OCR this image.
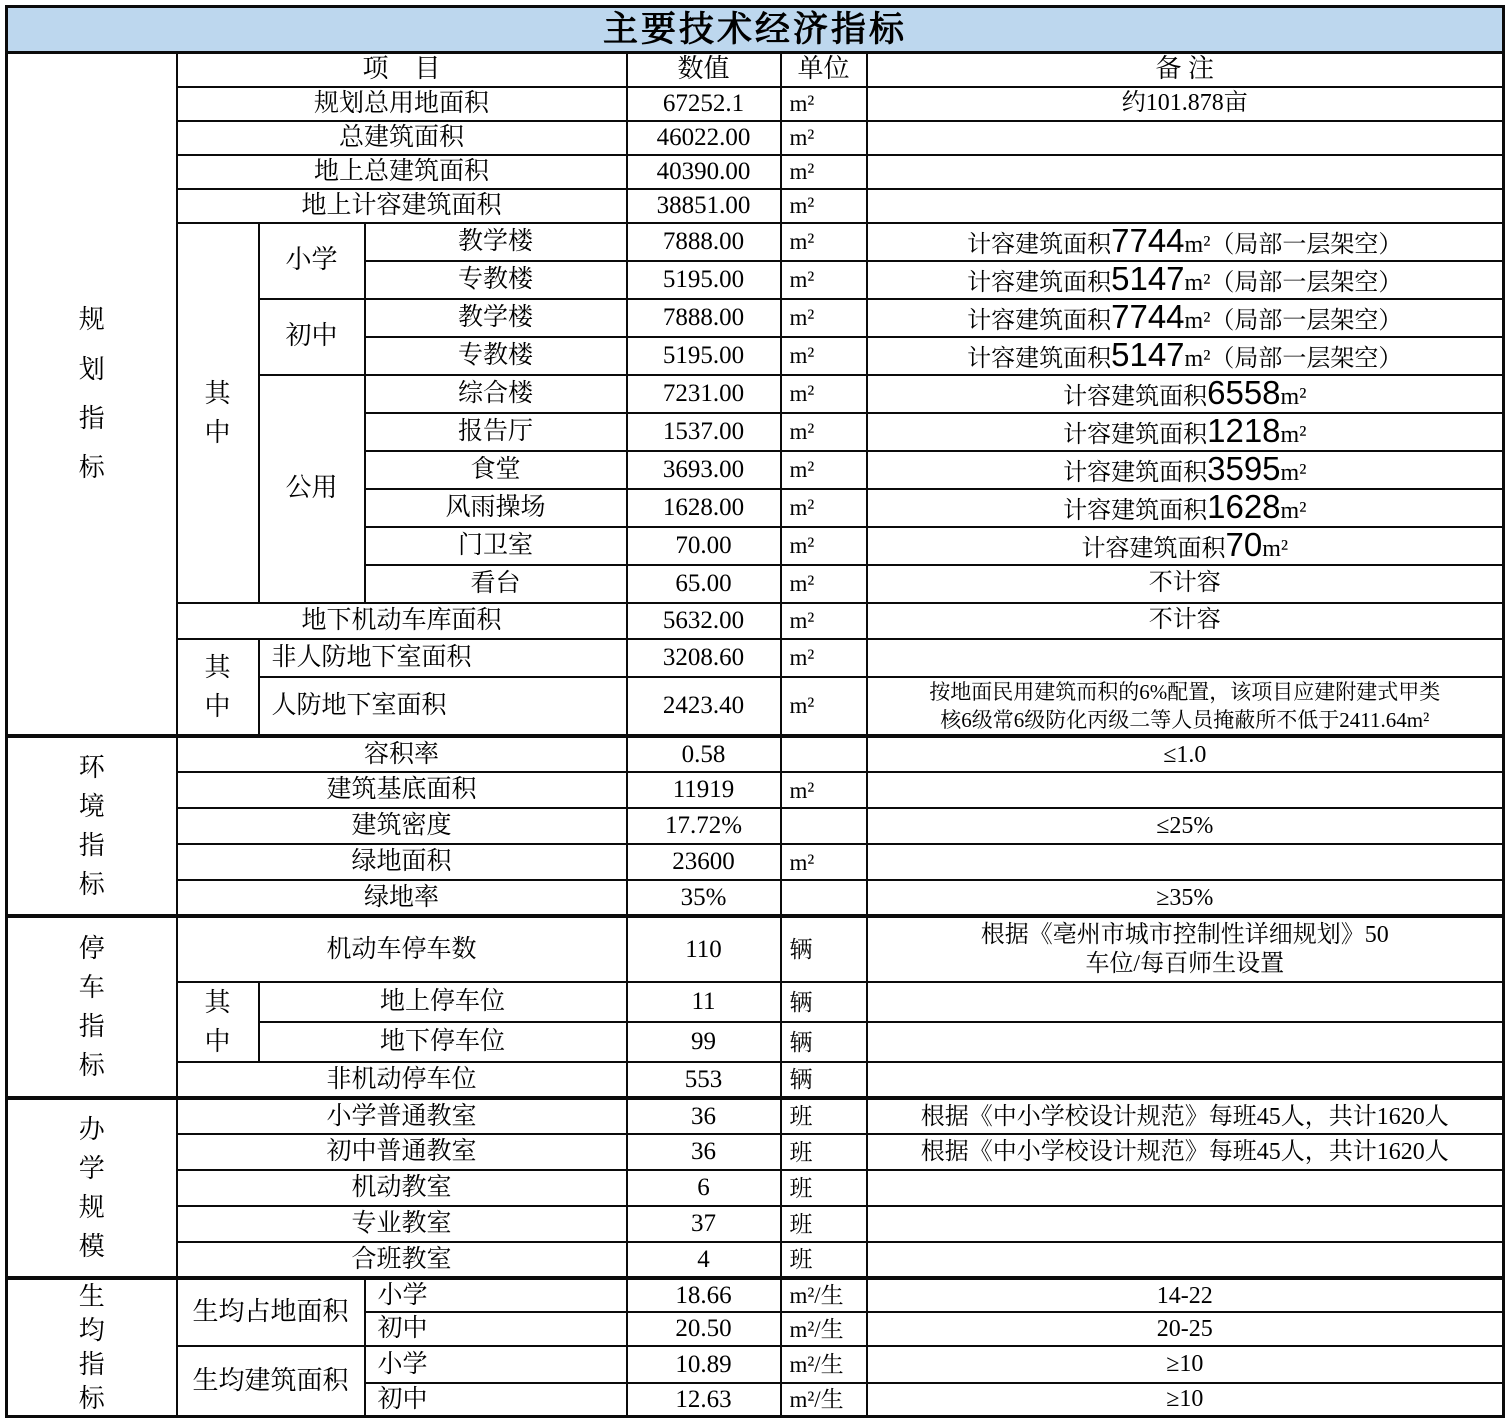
主要技术经济指标						
规划指标	项　目			数值	单位	备 注
	规划总用地面积			67252.1	m²	约101.878亩
	总建筑面积			46022.00	m²	
	地上总建筑面积			40390.00	m²	
	地上计容建筑面积			38851.00	m²	
	其中	小学	教学楼	7888.00	m²	计容建筑面积7744m²（局部一层架空）
			专教楼	5195.00	m²	计容建筑面积5147m²（局部一层架空）
		初中	教学楼	7888.00	m²	计容建筑面积7744m²（局部一层架空）
			专教楼	5195.00	m²	计容建筑面积5147m²（局部一层架空）
		公用	综合楼	7231.00	m²	计容建筑面积6558m²
			报告厅	1537.00	m²	计容建筑面积1218m²
			食堂	3693.00	m²	计容建筑面积3595m²
			风雨操场	1628.00	m²	计容建筑面积1628m²
			门卫室	70.00	m²	计容建筑面积70m²
			看台	65.00	m²	不计容
	地下机动车库面积			5632.00	m²	不计容
	其中	非人防地下室面积		3208.60	m²	
		人防地下室面积		2423.40	m²	按地面民用建筑而积的6%配置，该项目应建附建式甲类
核6级常6级防化丙级二等人员掩蔽所不低于2411.64m²

环境指标	容积率			0.58		≤1.0
	建筑基底面积			11919	m²	
	建筑密度			17.72%		≤25%
	绿地面积			23600	m²	
	绿地率			35%		≥35%
停车指标	机动车停车数			110	辆	根据《亳州市城市控制性详细规划》50
车位/每百师生设置

	其中	地上停车位		11	辆	
		地下停车位		99	辆	
	非机动停车位			553	辆	
办学规模	小学普通教室			36	班	根据《中小学校设计规范》每班45人，共计1620人
	初中普通教室			36	班	根据《中小学校设计规范》每班45人，共计1620人
	机动教室			6	班	
	专业教室			37	班	
	合班教室			4	班	
生均指标	生均占地面积		小学	18.66	m²/生	14-22
			初中	20.50	m²/生	20-25
	生均建筑面积		小学	10.89	m²/生	≥10
			初中	12.63	m²/生	≥10
